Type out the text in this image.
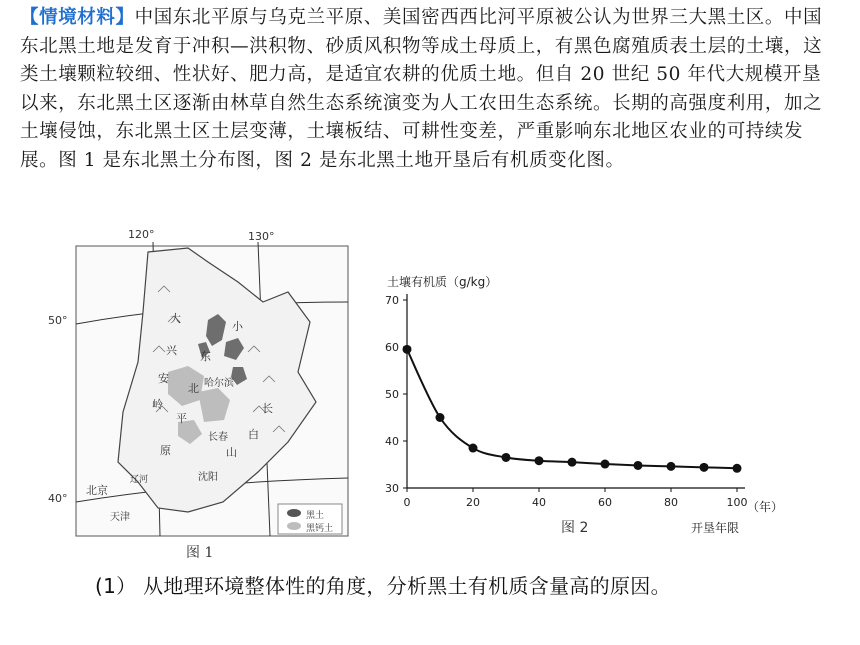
【情境材料】中国东北平原与乌克兰平原、美国密西西比河平原被公认为世界三大黑土区。中国东北黑土地是发育于冲积—洪积物、砂质风积物等成土母质上，有黑色腐殖质表土层的土壤，这类土壤颗粒较细、性状好、肥力高，是适宜农耕的优质土地。但自 20 世纪 50 年代大规模开垦以来，东北黑土区逐渐由林草自然生态系统演变为人工农田生态系统。长期的高强度利用，加之土壤侵蚀，东北黑土区土层变薄，土壤板结、可耕性变差，严重影响东北地区农业的可持续发展。图 1 是东北黑土分布图，图 2 是东北黑土地开垦后有机质变化图。
120°	130°
50°
40°
大
兴
安
岭
小
东
北
平
原
长
白
山
哈尔滨
长春
沈阳
辽河
北京
天津	黑土
黑钙土
图 1
土壤有机质（g/kg）
（年）
开垦年限
图 2
30
40
50
60
70
0	20	40	60	80	100
(1） 从地理环境整体性的角度，分析黑土有机质含量高的原因。
